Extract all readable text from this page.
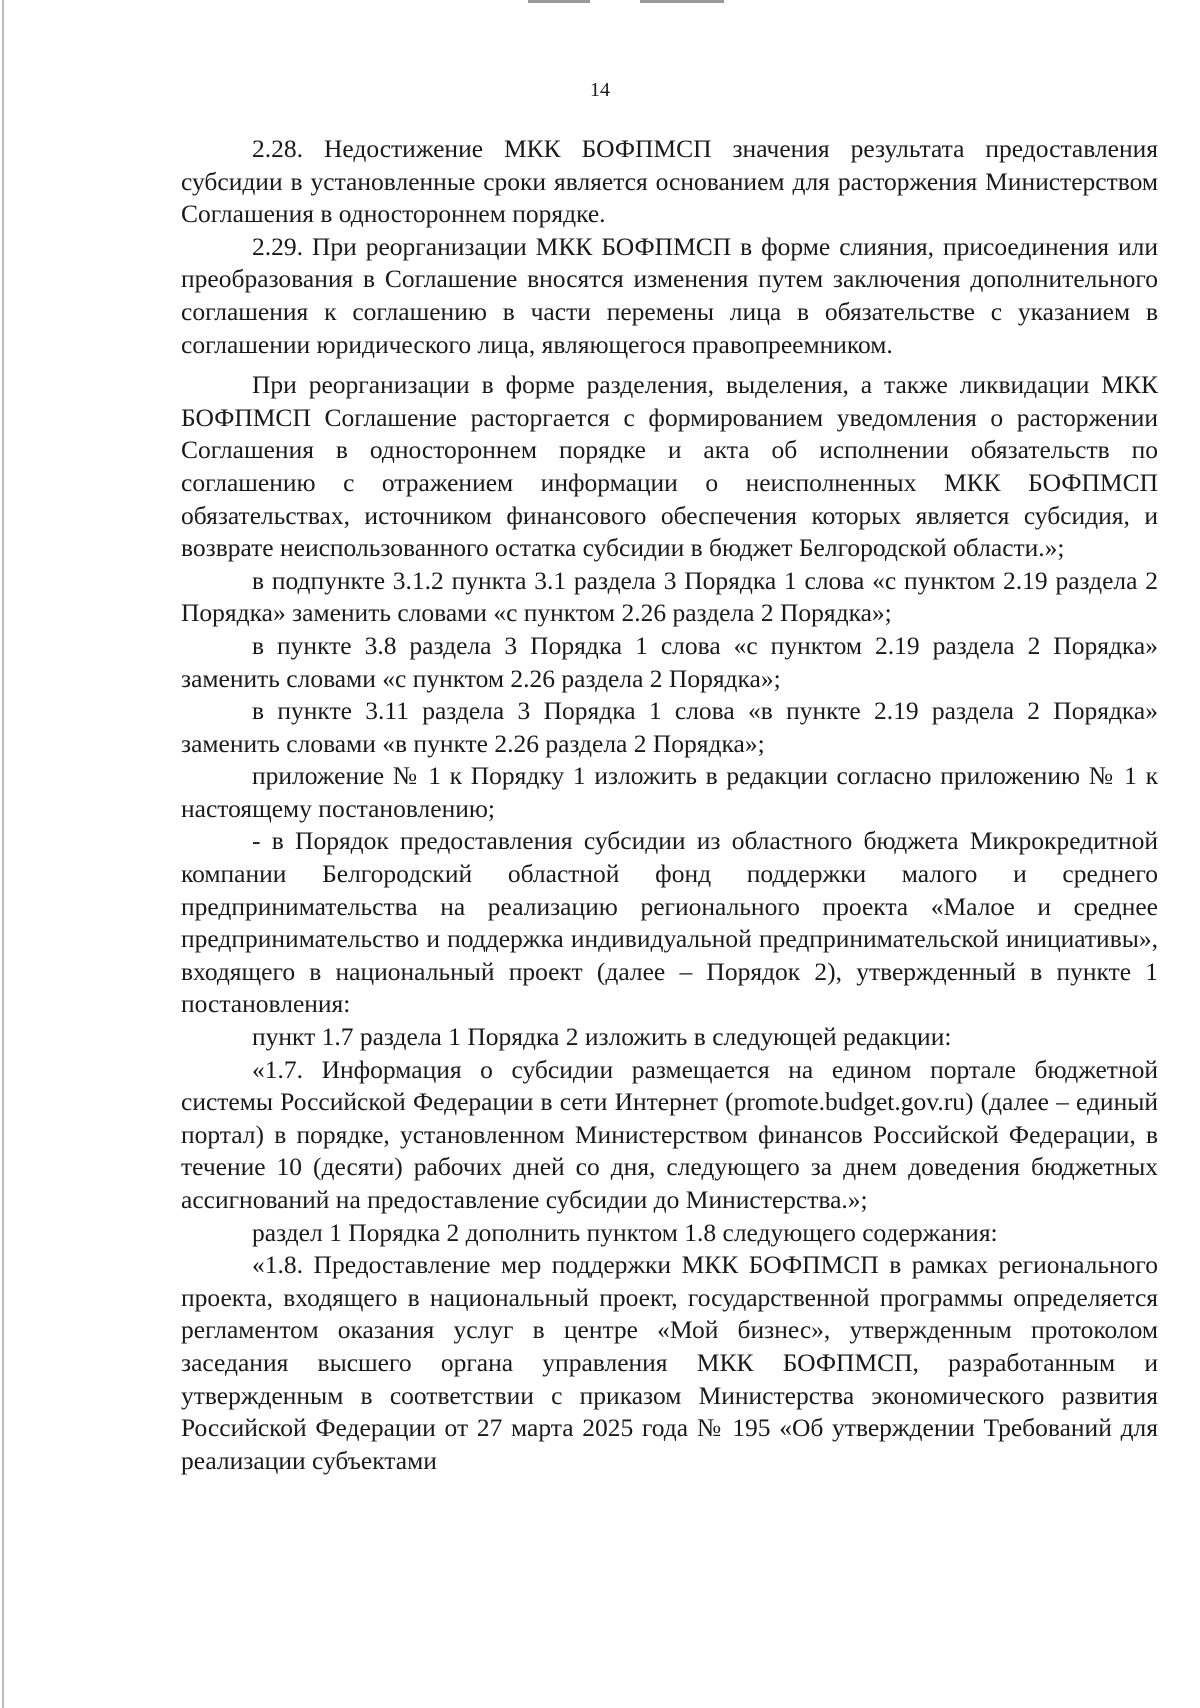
14

2.28. Недостижение МКК БОФПМСП значения результата предоставления субсидии в установленные сроки является основанием для расторжения Министерством Соглашения в одностороннем порядке.

2.29. При реорганизации МКК БОФПМСП в форме слияния, присоединения или преобразования в Соглашение вносятся изменения путем заключения дополнительного соглашения к соглашению в части перемены лица в обязательстве с указанием в соглашении юридического лица, являющегося правопреемником.

При реорганизации в форме разделения, выделения, а также ликвидации МКК БОФПМСП Соглашение расторгается с формированием уведомления о расторжении Соглашения в одностороннем порядке и акта об исполнении обязательств по соглашению с отражением информации о неисполненных МКК БОФПМСП обязательствах, источником финансового обеспечения которых является субсидия, и возврате неиспользованного остатка субсидии в бюджет Белгородской области.»;

в подпункте 3.1.2 пункта 3.1 раздела 3 Порядка 1 слова «с пунктом 2.19 раздела 2 Порядка» заменить словами «с пунктом 2.26 раздела 2 Порядка»;

в пункте 3.8 раздела 3 Порядка 1 слова «с пунктом 2.19 раздела 2 Порядка» заменить словами «с пунктом 2.26 раздела 2 Порядка»;

в пункте 3.11 раздела 3 Порядка 1 слова «в пункте 2.19 раздела 2 Порядка» заменить словами «в пункте 2.26 раздела 2 Порядка»;

приложение № 1 к Порядку 1 изложить в редакции согласно приложению № 1 к настоящему постановлению;

- в Порядок предоставления субсидии из областного бюджета Микрокредитной компании Белгородский областной фонд поддержки малого и среднего предпринимательства на реализацию регионального проекта «Малое и среднее предпринимательство и поддержка индивидуальной предпринимательской инициативы», входящего в национальный проект (далее – Порядок 2), утвержденный в пункте 1 постановления:

пункт 1.7 раздела 1 Порядка 2 изложить в следующей редакции:

«1.7. Информация о субсидии размещается на едином портале бюджетной системы Российской Федерации в сети Интернет (promote.budget.gov.ru) (далее – единый портал) в порядке, установленном Министерством финансов Российской Федерации, в течение 10 (десяти) рабочих дней со дня, следующего за днем доведения бюджетных ассигнований на предоставление субсидии до Министерства.»;

раздел 1 Порядка 2 дополнить пунктом 1.8 следующего содержания:

«1.8. Предоставление мер поддержки МКК БОФПМСП в рамках регионального проекта, входящего в национальный проект, государственной программы определяется регламентом оказания услуг в центре «Мой бизнес», утвержденным протоколом заседания высшего органа управления МКК БОФПМСП, разработанным и утвержденным в соответствии с приказом Министерства экономического развития Российской Федерации от 27 марта 2025 года № 195 «Об утверждении Требований для реализации субъектами
